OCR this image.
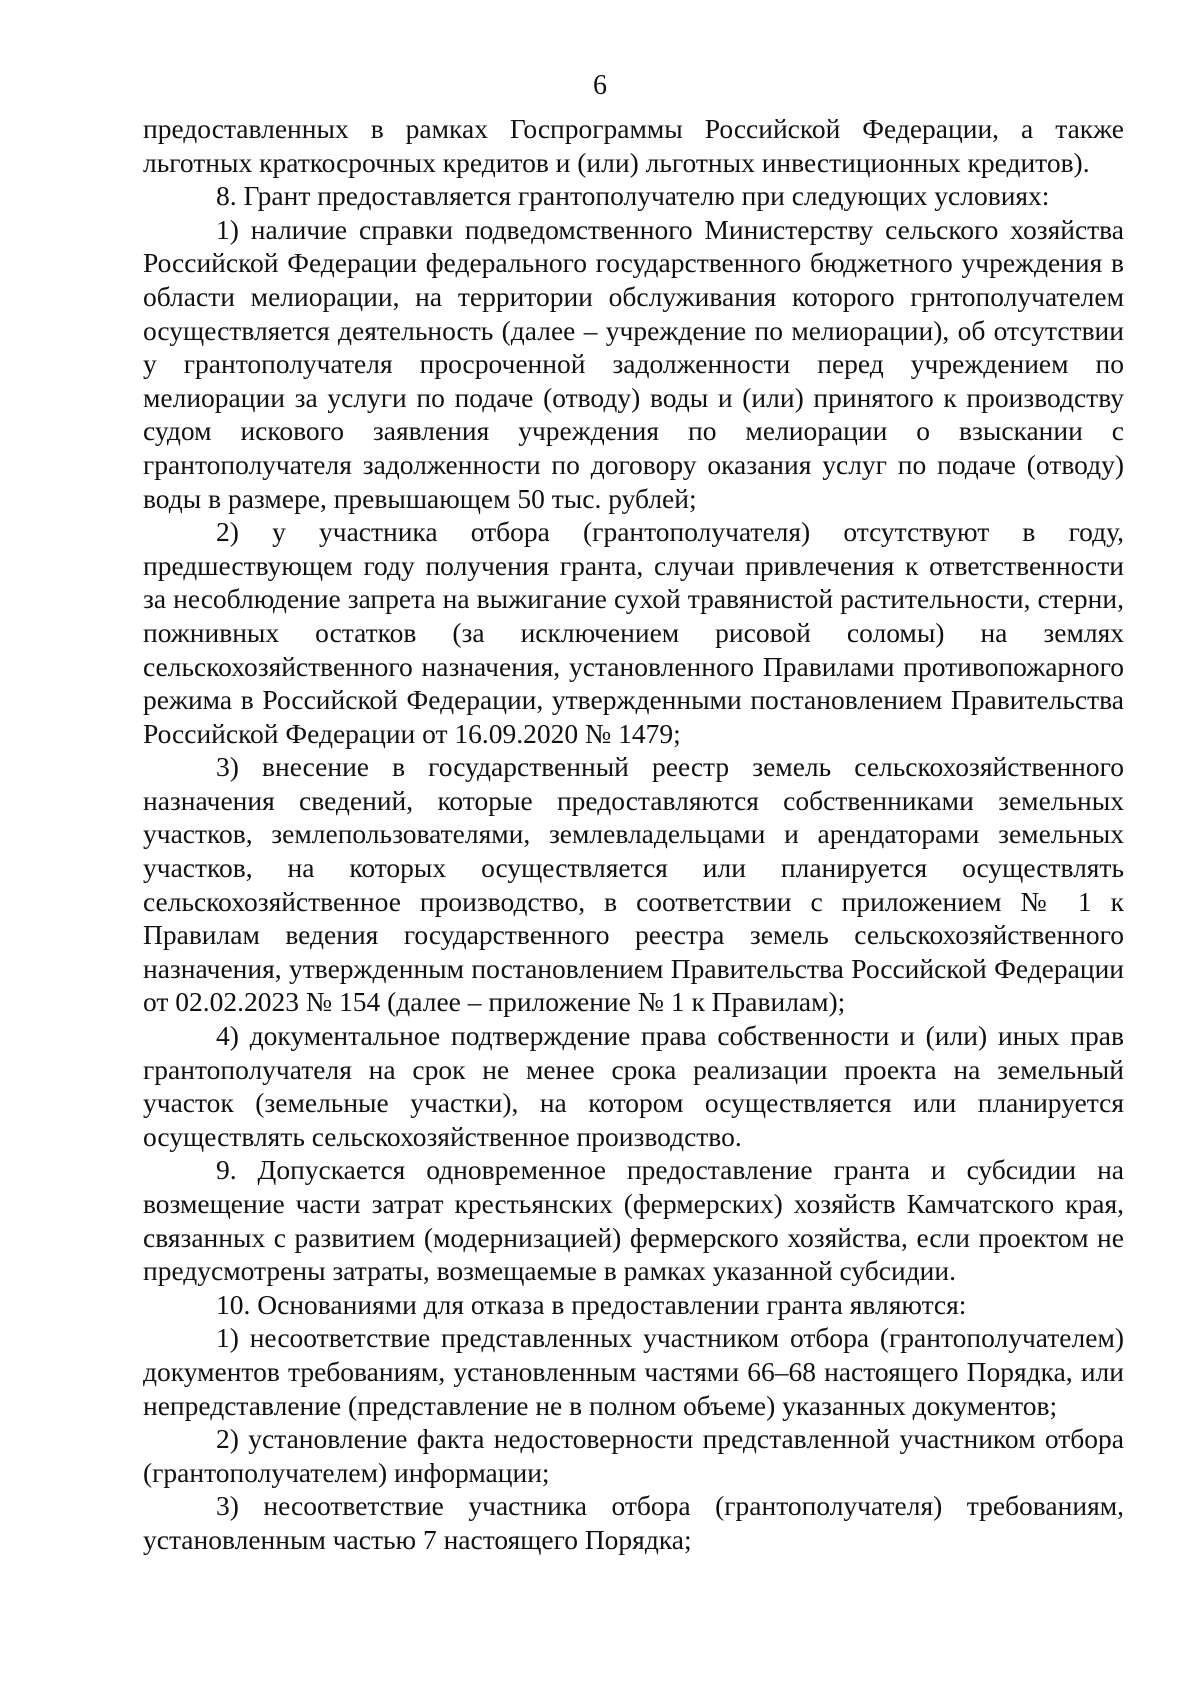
6

предоставленных в рамках Госпрограммы Российской Федерации, а также льготных краткосрочных кредитов и (или) льготных инвестиционных кредитов).

8. Грант предоставляется грантополучателю при следующих условиях:

1) наличие справки подведомственного Министерству сельского хозяйства Российской Федерации федерального государственного бюджетного учреждения в области мелиорации, на территории обслуживания которого грнтополучателем осуществляется деятельность (далее – учреждение по мелиорации), об отсутствии у грантополучателя просроченной задолженности перед учреждением по мелиорации за услуги по подаче (отводу) воды и (или) принятого к производству судом искового заявления учреждения по мелиорации о взыскании с грантополучателя задолженности по договору оказания услуг по подаче (отводу) воды в размере, превышающем 50 тыс. рублей;

2) у участника отбора (грантополучателя) отсутствуют в году, предшествующем году получения гранта, случаи привлечения к ответственности за несоблюдение запрета на выжигание сухой травянистой растительности, стерни, пожнивных остатков (за исключением рисовой соломы) на землях сельскохозяйственного назначения, установленного Правилами противопожарного режима в Российской Федерации, утвержденными постановлением Правительства Российской Федерации от 16.09.2020 № 1479;

3) внесение в государственный реестр земель сельскохозяйственного назначения сведений, которые предоставляются собственниками земельных участков, землепользователями, землевладельцами и арендаторами земельных участков, на которых осуществляется или планируется осуществлять сельскохозяйственное производство, в соответствии с приложением № 1 к Правилам ведения государственного реестра земель сельскохозяйственного назначения, утвержденным постановлением Правительства Российской Федерации от 02.02.2023 № 154 (далее – приложение № 1 к Правилам);

4) документальное подтверждение права собственности и (или) иных прав грантополучателя на срок не менее срока реализации проекта на земельный участок (земельные участки), на котором осуществляется или планируется осуществлять сельскохозяйственное производство.

9. Допускается одновременное предоставление гранта и субсидии на возмещение части затрат крестьянских (фермерских) хозяйств Камчатского края, связанных с развитием (модернизацией) фермерского хозяйства, если проектом не предусмотрены затраты, возмещаемые в рамках указанной субсидии.

10. Основаниями для отказа в предоставлении гранта являются:

1) несоответствие представленных участником отбора (грантополучателем) документов требованиям, установленным частями 66–68 настоящего Порядка, или непредставление (представление не в полном объеме) указанных документов;

2) установление факта недостоверности представленной участником отбора (грантополучателем) информации;

3) несоответствие участника отбора (грантополучателя) требованиям, установленным частью 7 настоящего Порядка;
